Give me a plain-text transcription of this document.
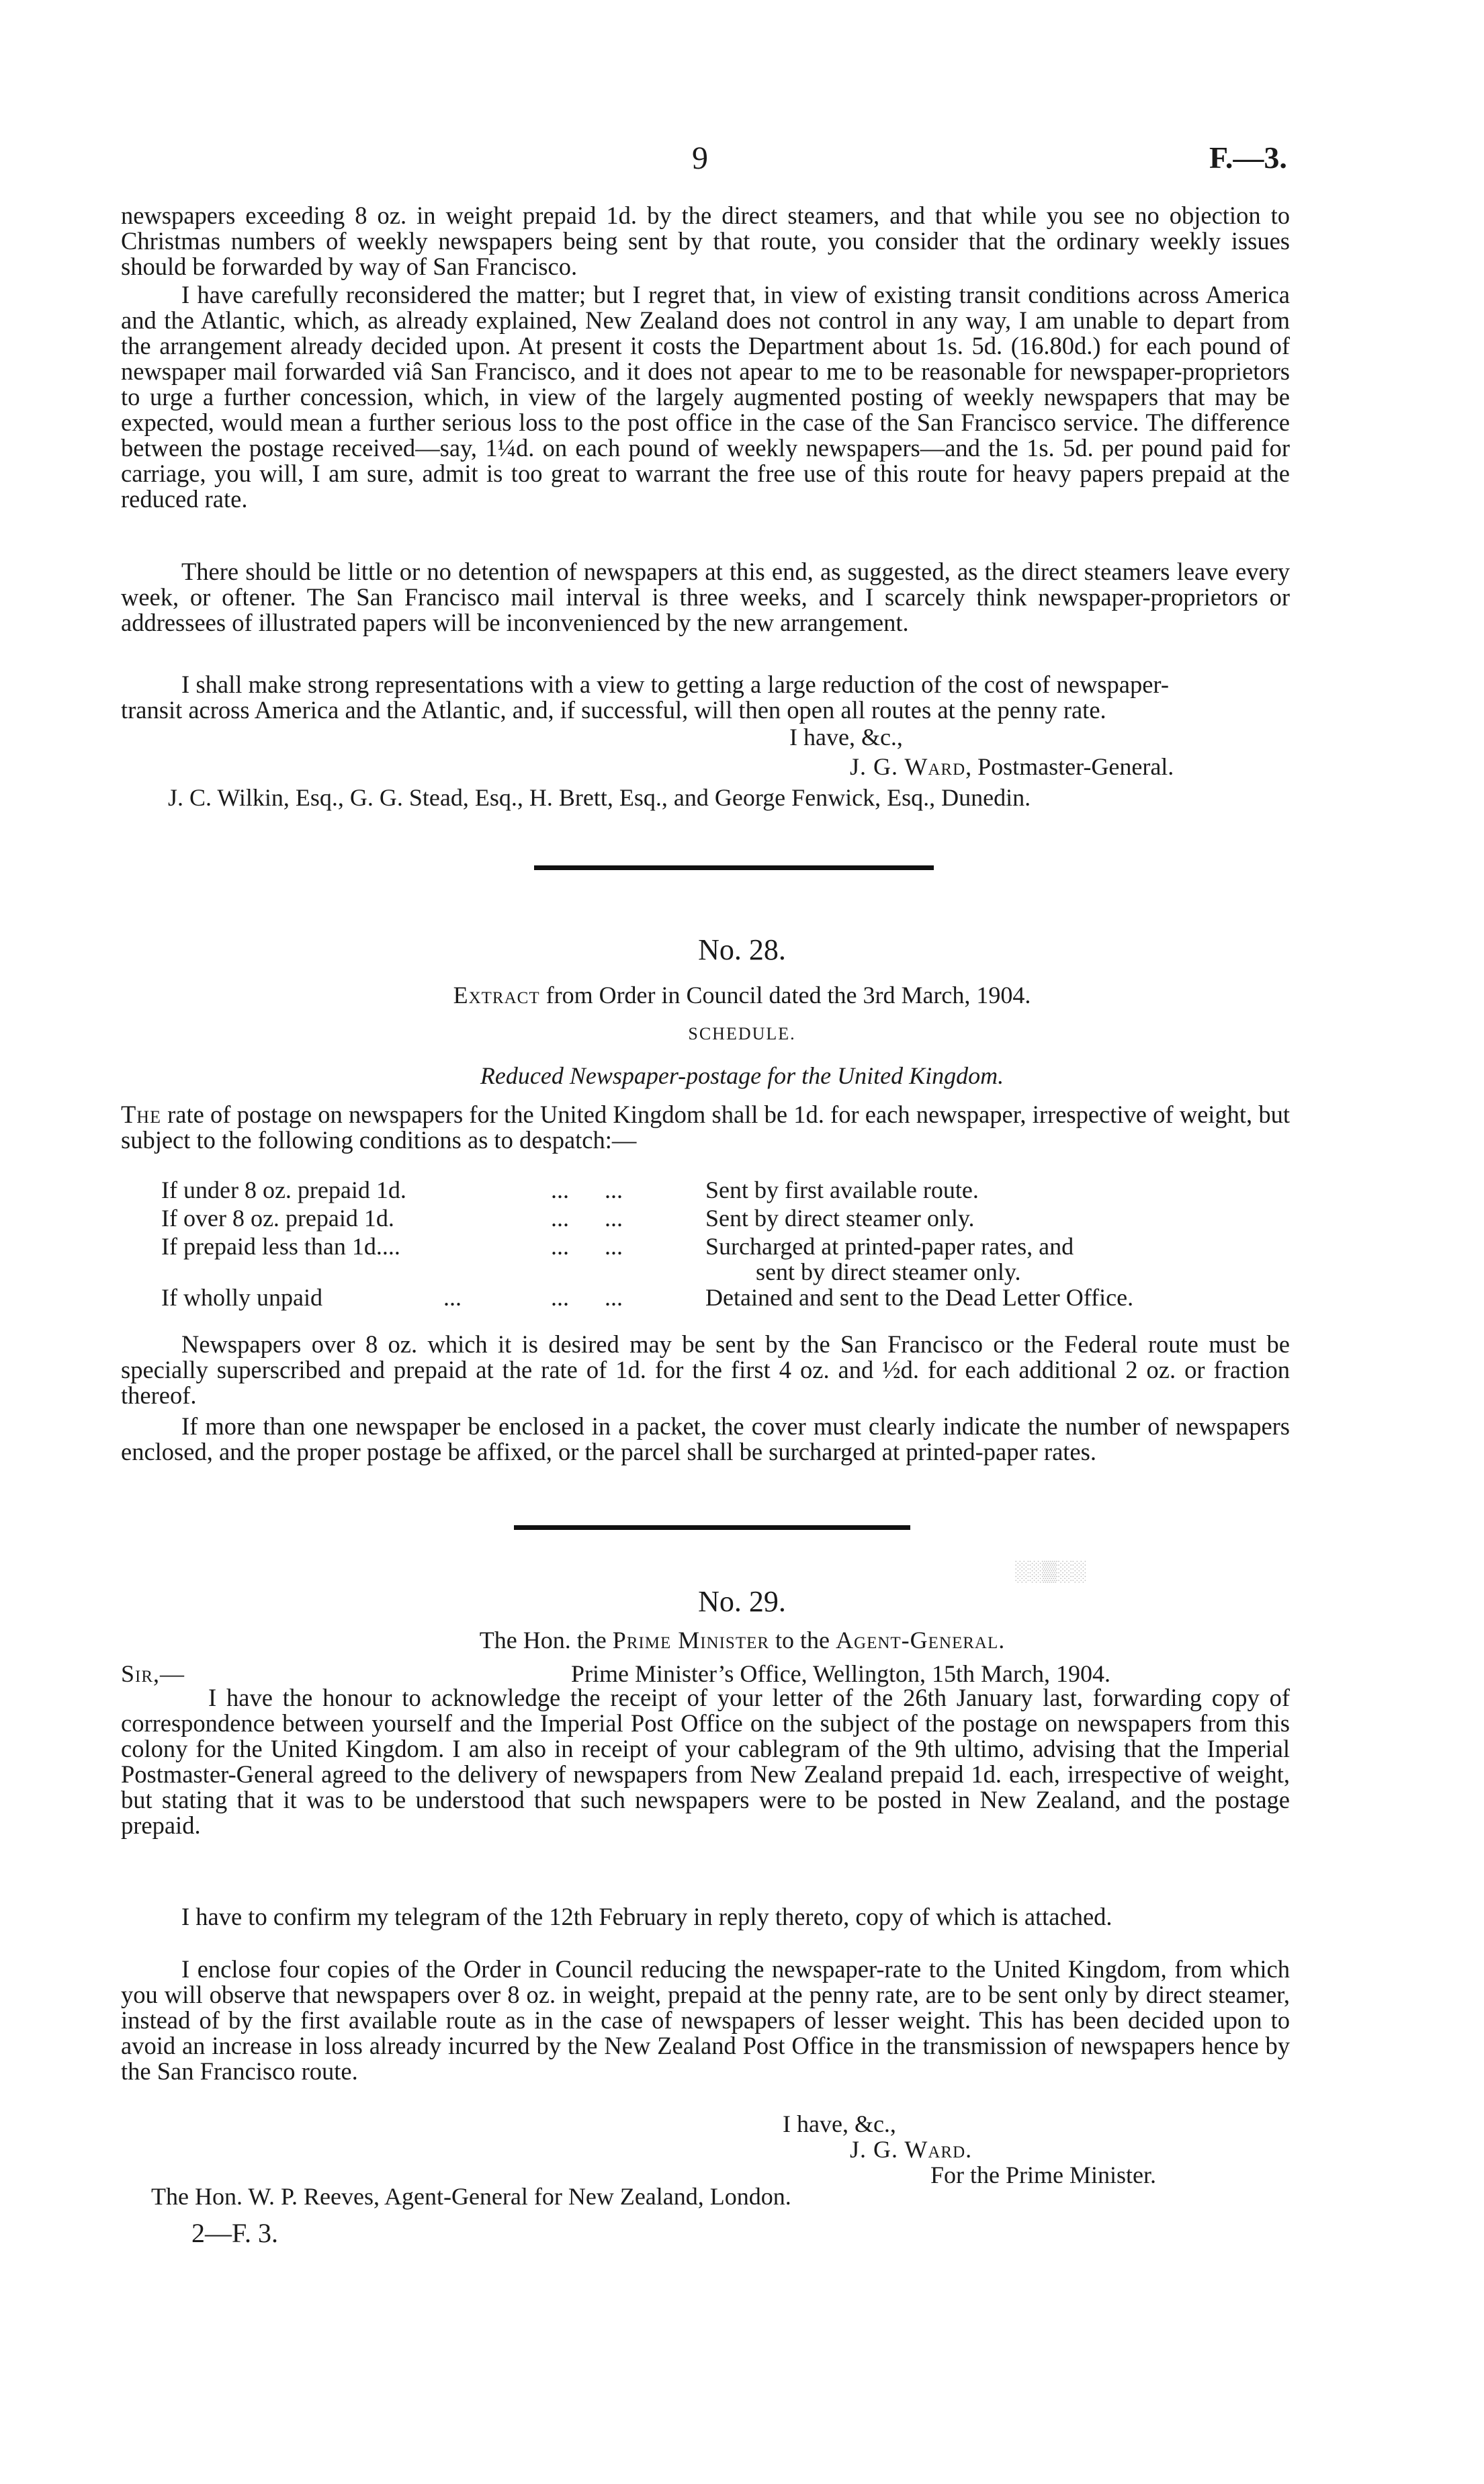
9	F.—3.

newspapers exceeding 8 oz. in weight prepaid 1d. by the direct steamers, and that while you see no objection to Christmas numbers of weekly newspapers being sent by that route, you consider that the ordinary weekly issues should be forwarded by way of San Francisco.

I have carefully reconsidered the matter; but I regret that, in view of existing transit conditions across America and the Atlantic, which, as already explained, New Zealand does not control in any way, I am unable to depart from the arrangement already decided upon. At present it costs the Department about 1s. 5d. (16.80d.) for each pound of newspaper mail forwarded viâ San Francisco, and it does not apear to me to be reasonable for newspaper-proprietors to urge a further concession, which, in view of the largely augmented posting of weekly newspapers that may be expected, would mean a further serious loss to the post office in the case of the San Francisco service. The difference between the postage received—say, 1¼d. on each pound of weekly newspapers—and the 1s. 5d. per pound paid for carriage, you will, I am sure, admit is too great to warrant the free use of this route for heavy papers prepaid at the reduced rate.

There should be little or no detention of newspapers at this end, as suggested, as the direct steamers leave every week, or oftener. The San Francisco mail interval is three weeks, and I scarcely think newspaper-proprietors or addressees of illustrated papers will be inconvenienced by the new arrangement.

I shall make strong representations with a view to getting a large reduction of the cost of newspaper-transit across America and the Atlantic, and, if successful, will then open all routes at the penny rate.

I have, &c.,
J. G. Ward, Postmaster-General.
J. C. Wilkin, Esq., G. G. Stead, Esq., H. Brett, Esq., and George Fenwick, Esq., Dunedin.
No. 28.
Extract from Order in Council dated the 3rd March, 1904.
SCHEDULE.
Reduced Newspaper-postage for the United Kingdom.

The rate of postage on newspapers for the United Kingdom shall be 1d. for each newspaper, irrespective of weight, but subject to the following conditions as to despatch:—

If under 8 oz. prepaid 1d.	... ...	Sent by first available route.
If over 8 oz. prepaid 1d.	... ...	Sent by direct steamer only.
If prepaid less than 1d....	... ...	Surcharged at printed-paper rates, and
sent by direct steamer only.
If wholly unpaid	...	... ...	Detained and sent to the Dead Letter Office.

Newspapers over 8 oz. which it is desired may be sent by the San Francisco or the Federal route must be specially superscribed and prepaid at the rate of 1d. for the first 4 oz. and ½d. for each additional 2 oz. or fraction thereof.

If more than one newspaper be enclosed in a packet, the cover must clearly indicate the number of newspapers enclosed, and the proper postage be affixed, or the parcel shall be surcharged at printed-paper rates.

░░▒░░
No. 29.
The Hon. the Prime Minister to the Agent-General.
Sir,—	Prime Minister’s Office, Wellington, 15th March, 1904.

I have the honour to acknowledge the receipt of your letter of the 26th January last, forwarding copy of correspondence between yourself and the Imperial Post Office on the subject of the postage on newspapers from this colony for the United Kingdom. I am also in receipt of your cablegram of the 9th ultimo, advising that the Imperial Postmaster-General agreed to the delivery of newspapers from New Zealand prepaid 1d. each, irrespective of weight, but stating that it was to be understood that such newspapers were to be posted in New Zealand, and the postage prepaid.

I have to confirm my telegram of the 12th February in reply thereto, copy of which is attached.

I enclose four copies of the Order in Council reducing the newspaper-rate to the United Kingdom, from which you will observe that newspapers over 8 oz. in weight, prepaid at the penny rate, are to be sent only by direct steamer, instead of by the first available route as in the case of newspapers of lesser weight. This has been decided upon to avoid an increase in loss already incurred by the New Zealand Post Office in the transmission of newspapers hence by the San Francisco route.

I have, &c.,
J. G. Ward.
For the Prime Minister.
The Hon. W. P. Reeves, Agent-General for New Zealand, London.
2—F. 3.
